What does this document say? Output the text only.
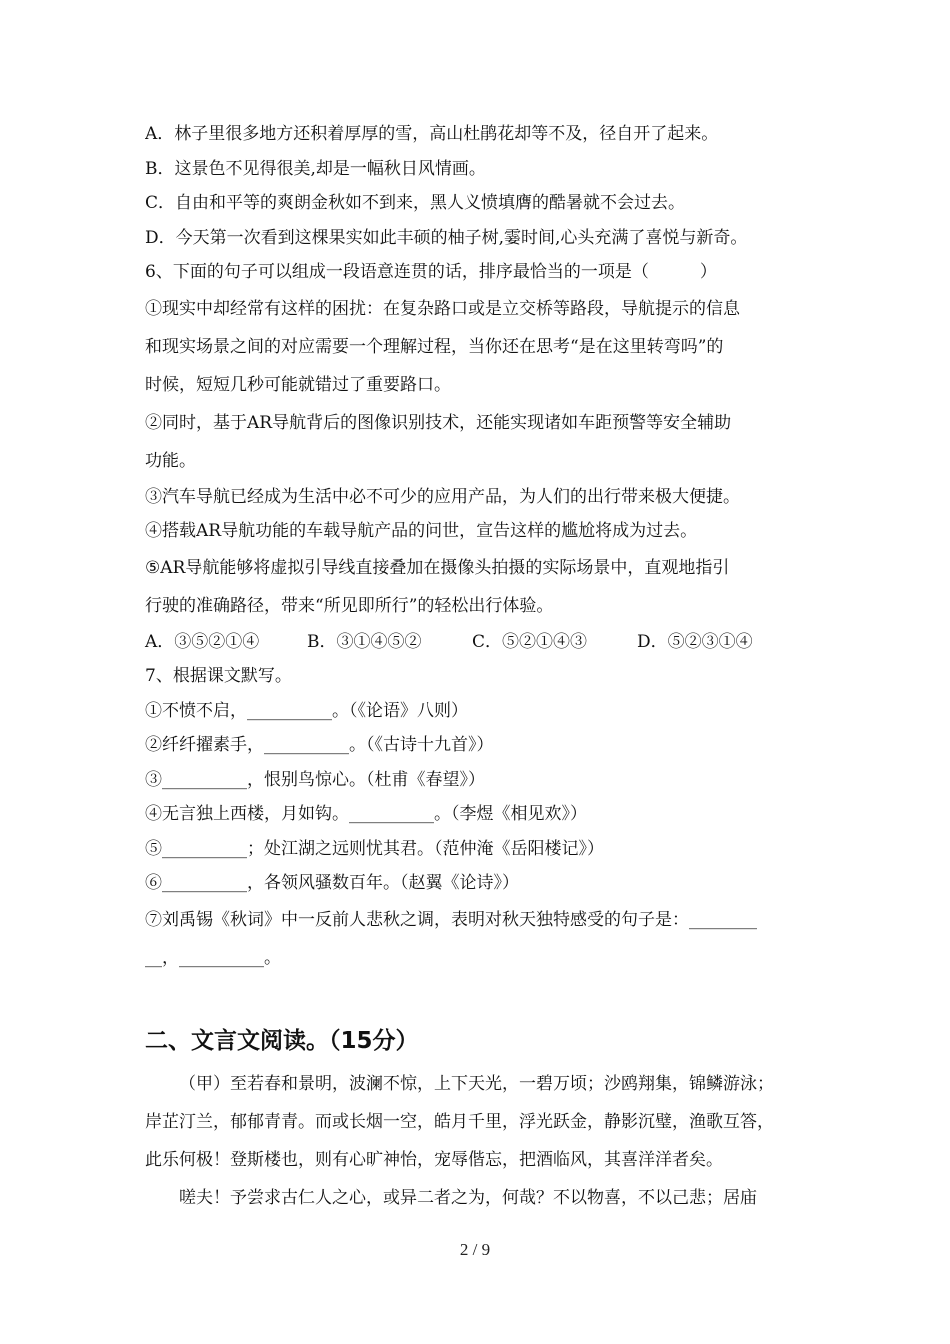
A．林子里很多地方还积着厚厚的雪，高山杜鹃花却等不及，径自开了起来。
B．这景色不见得很美,却是一幅秋日风情画。
C．自由和平等的爽朗金秋如不到来，黑人义愤填膺的酷暑就不会过去。
D．今天第一次看到这棵果实如此丰硕的柚子树,霎时间,心头充满了喜悦与新奇。
6、下面的句子可以组成一段语意连贯的话，排序最恰当的一项是（　　　）
①现实中却经常有这样的困扰：在复杂路口或是立交桥等路段，导航提示的信息
和现实场景之间的对应需要一个理解过程，当你还在思考“是在这里转弯吗”的
时候，短短几秒可能就错过了重要路口。
②同时，基于AR导航背后的图像识别技术，还能实现诸如车距预警等安全辅助
功能。
③汽车导航已经成为生活中必不可少的应用产品，为人们的出行带来极大便捷。
④搭载AR导航功能的车载导航产品的问世，宣告这样的尴尬将成为过去。
⑤AR导航能够将虚拟引导线直接叠加在摄像头拍摄的实际场景中，直观地指引
行驶的准确路径，带来“所见即所行”的轻松出行体验。
A．③⑤②①④	B．③①④⑤②	C．⑤②①④③	D．⑤②③①④
7、根据课文默写。
①不愤不启，__________。（《论语》八则）
②纤纤擢素手，__________。（《古诗十九首》）
③__________，恨别鸟惊心。（杜甫《春望》）
④无言独上西楼，月如钩。__________。（李煜《相见欢》）
⑤__________；处江湖之远则忧其君。（范仲淹《岳阳楼记》）
⑥__________，各领风骚数百年。（赵翼《论诗》）
⑦刘禹锡《秋词》中一反前人悲秋之调，表明对秋天独特感受的句子是：________
__，__________。
二、文言文阅读。（15分）
（甲）至若春和景明，波澜不惊，上下天光，一碧万顷；沙鸥翔集，锦鳞游泳；
岸芷汀兰，郁郁青青。而或长烟一空，皓月千里，浮光跃金，静影沉璧，渔歌互答，
此乐何极！登斯楼也，则有心旷神怡，宠辱偕忘，把酒临风，其喜洋洋者矣。
嗟夫！予尝求古仁人之心，或异二者之为，何哉？不以物喜，不以己悲；居庙
2 / 9
